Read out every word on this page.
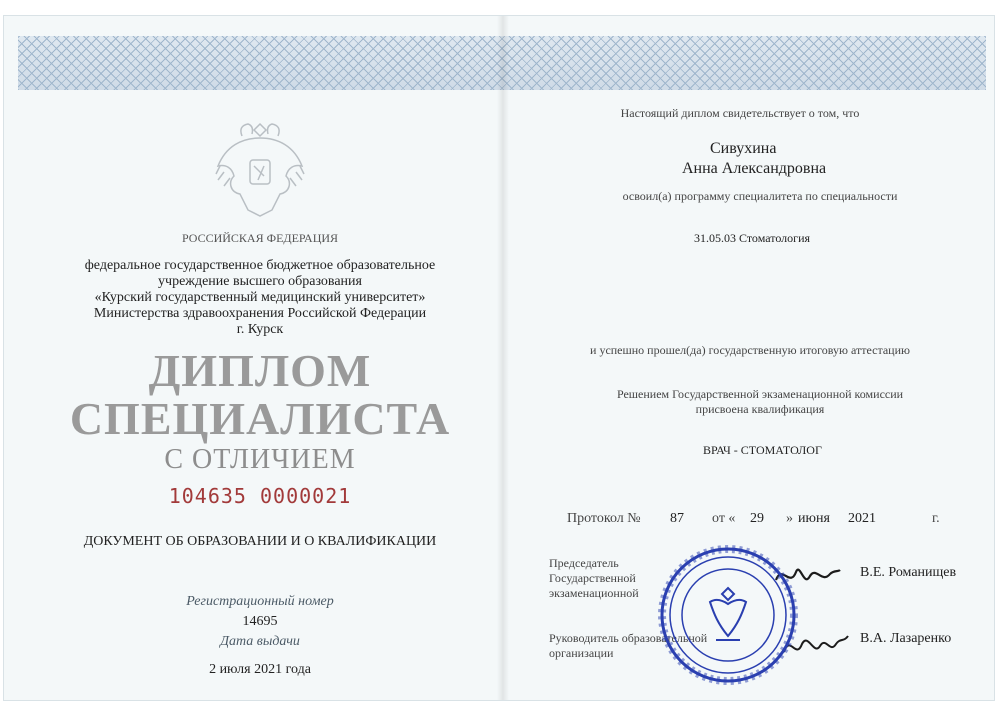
РОССИЙСКАЯ ФЕДЕРАЦИЯ
федеральное государственное бюджетное образовательное
учреждение высшего образования
«Курский государственный медицинский университет»
Министерства здравоохранения Российской Федерации
г. Курск
ДИПЛОМ
СПЕЦИАЛИСТА
С ОТЛИЧИЕМ
104635 0000021
ДОКУМЕНТ ОБ ОБРАЗОВАНИИ И О КВАЛИФИКАЦИИ
Регистрационный номер
14695
Дата выдачи
2 июля 2021 года
Настоящий диплом свидетельствует о том, что
Сивухина
Анна Александровна
освоил(а) программу специалитета по специальности
31.05.03 Стоматология
и успешно прошел(да) государственную итоговую аттестацию
Решением Государственной экзаменационной комиссии
присвоена квалификация
ВРАЧ - СТОМАТОЛОГ
Протокол № 87 от « 29 » июня 2021	г.
Председатель
Государственной
экзаменационной
В.Е. Романищев
Руководитель образовательной
организации
В.А. Лазаренко
